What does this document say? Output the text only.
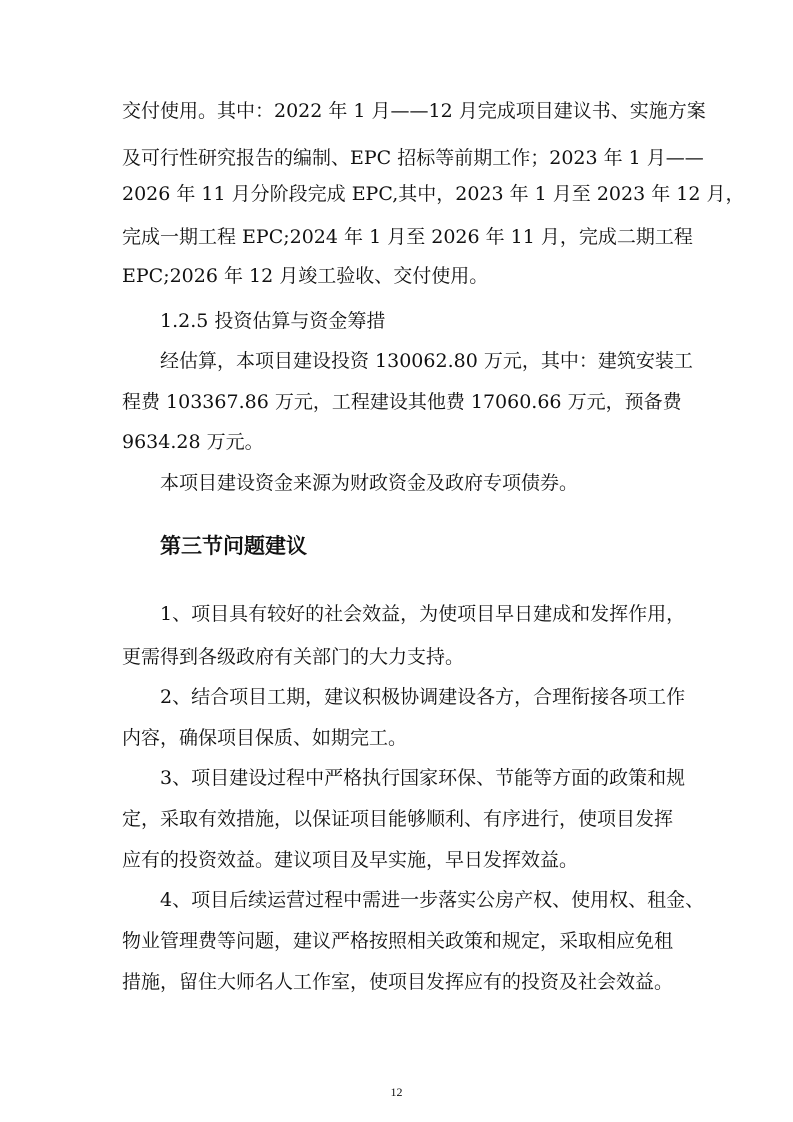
交付使用。其中：2022 年 1 月——12 月完成项目建议书、实施方案
及可行性研究报告的编制、EPC 招标等前期工作；2023 年 1 月——
2026 年 11 月分阶段完成 EPC,其中，2023 年 1 月至 2023 年 12 月，
完成一期工程 EPC;2024 年 1 月至 2026 年 11 月，完成二期工程
EPC;2026 年 12 月竣工验收、交付使用。
1.2.5 投资估算与资金筹措
经估算，本项目建设投资 130062.80 万元，其中：建筑安装工
程费 103367.86 万元，工程建设其他费 17060.66 万元，预备费
9634.28 万元。
本项目建设资金来源为财政资金及政府专项债券。
第三节问题建议
1、项目具有较好的社会效益，为使项目早日建成和发挥作用，
更需得到各级政府有关部门的大力支持。
2、结合项目工期，建议积极协调建设各方，合理衔接各项工作
内容，确保项目保质、如期完工。
3、项目建设过程中严格执行国家环保、节能等方面的政策和规
定，采取有效措施，以保证项目能够顺利、有序进行，使项目发挥
应有的投资效益。建议项目及早实施，早日发挥效益。
4、项目后续运营过程中需进一步落实公房产权、使用权、租金、
物业管理费等问题，建议严格按照相关政策和规定，采取相应免租
措施，留住大师名人工作室，使项目发挥应有的投资及社会效益。
12
